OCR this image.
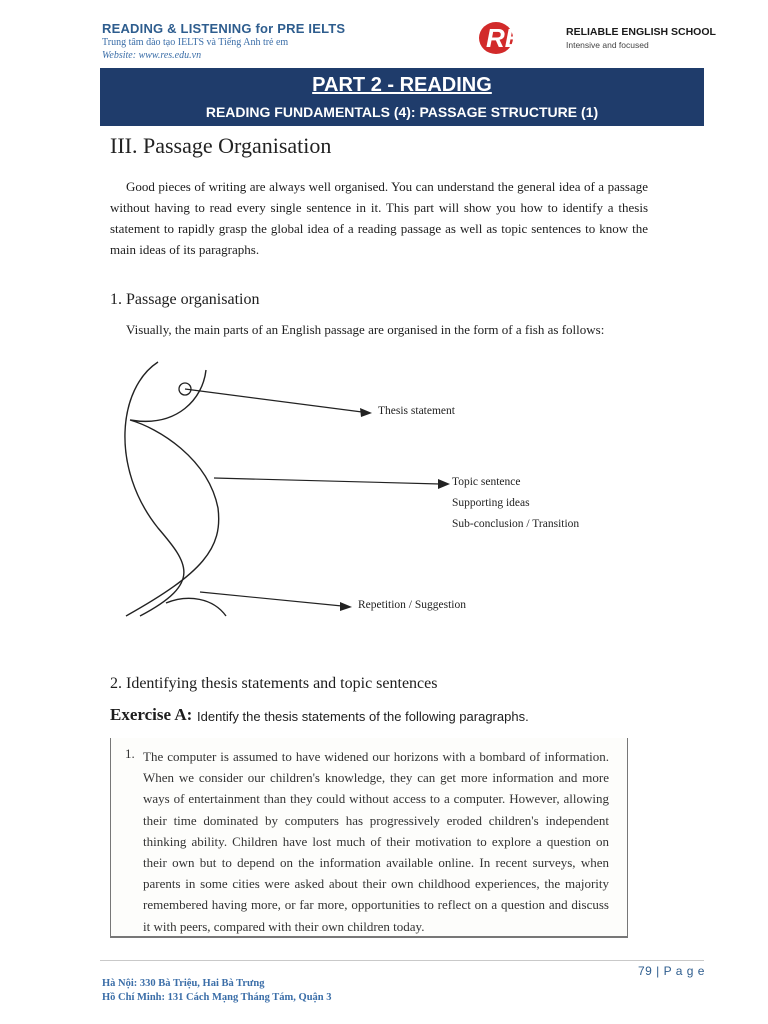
READING & LISTENING for PRE IELTS
Trung tâm đào tạo IELTS và Tiếng Anh trẻ em
Website: www.res.edu.vn
RES	RELIABLE ENGLISH SCHOOL
Intensive and focused
PART 2 - READING
READING FUNDAMENTALS (4): PASSAGE STRUCTURE (1)
III. Passage Organisation
Good pieces of writing are always well organised. You can understand the general idea of a passage without having to read every single sentence in it. This part will show you how to identify a thesis statement to rapidly grasp the global idea of a reading passage as well as topic sentences to know the main ideas of its paragraphs.
1. Passage organisation
Visually, the main parts of an English passage are organised in the form of a fish as follows:
Thesis statement
Topic sentence
Supporting ideas
Sub-conclusion / Transition
Repetition / Suggestion
2. Identifying thesis statements and topic sentences
Exercise A: Identify the thesis statements of the following paragraphs.
1. The computer is assumed to have widened our horizons with a bombard of information. When we consider our children's knowledge, they can get more information and more ways of entertainment than they could without access to a computer. However, allowing their time dominated by computers has progressively eroded children's independent thinking ability. Children have lost much of their motivation to explore a question on their own but to depend on the information available online. In recent surveys, when parents in some cities were asked about their own childhood experiences, the majority remembered having more, or far more, opportunities to reflect on a question and discuss it with peers, compared with their own children today.
79 | P a g e
Hà Nội: 330 Bà Triệu, Hai Bà Trưng
Hồ Chí Minh: 131 Cách Mạng Tháng Tám, Quận 3
